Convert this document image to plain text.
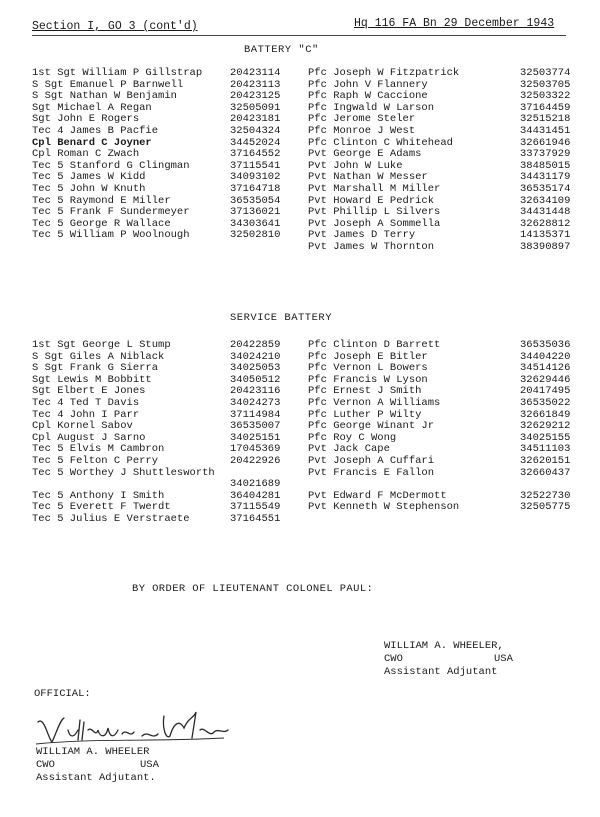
Section I, GO 3 (cont'd)	Hq 116 FA Bn 29 December 1943
BATTERY "C"
1st Sgt William P Gillstrap	20423114
S Sgt Emanuel P Barnwell	20423113
S Sgt Nathan W Benjamin	20423125
Sgt Michael A Regan	32505091
Sgt John E Rogers	20423181
Tec 4 James B Pacfie	32504324
Cpl Benard C Joyner	34452024
Cpl Roman C Zwach	37164552
Tec 5 Stanford G Clingman	37115541
Tec 5 James W Kidd	34093102
Tec 5 John W Knuth	37164718
Tec 5 Raymond E Miller	36535054
Tec 5 Frank F Sundermeyer	37136021
Tec 5 George R Wallace	34303641
Tec 5 William P Woolnough	32502810
Pfc Joseph W Fitzpatrick	32503774
Pfc John V Flannery	32503705
Pfc Raph W Caccione	32503322
Pfc Ingwald W Larson	37164459
Pfc Jerome Steler	32515218
Pfc Monroe J West	34431451
Pfc Clinton C Whitehead	32661946
Pvt George E Adams	33737929
Pvt John W Luke	38485015
Pvt Nathan W Messer	34431179
Pvt Marshall M Miller	36535174
Pvt Howard E Pedrick	32634109
Pvt Phillip L Silvers	34431448
Pvt Joseph A Sommella	32628812
Pvt James D Terry	14135371
Pvt James W Thornton	38390897
SERVICE BATTERY
1st Sgt George L Stump	20422859
S Sgt Giles A Niblack	34024210
S Sgt Frank G Sierra	34025053
Sgt Lewis M Bobbitt	34050512
Sgt Elbert E Jones	20423116
Tec 4 Ted T Davis	34024273
Tec 4 John I Parr	37114984
Cpl Kornel Sabov	36535007
Cpl August J Sarno	34025151
Tec 5 Elvis M Cambron	17045369
Tec 5 Felton C Perry	20422926
Tec 5 Worthey J Shuttlesworth
34021689
Tec 5 Anthony I Smith	36404281
Tec 5 Everett F Twerdt	37115549
Tec 5 Julius E Verstraete	37164551
Pfc Clinton D Barrett	36535036
Pfc Joseph E Bitler	34404220
Pfc Vernon L Bowers	34514126
Pfc Francis W Lyson	32629446
Pfc Ernest J Smith	20417495
Pfc Vernon A Williams	36535022
Pfc Luther P Wilty	32661849
Pfc George Winant Jr	32629212
Pfc Roy C Wong	34025155
Pvt Jack Cape	34511103
Pvt Joseph A Cuffari	32620151
Pvt Francis E Fallon	32660437
Pvt Edward F McDermott	32522730
Pvt Kenneth W Stephenson	32505775
BY ORDER OF LIEUTENANT COLONEL PAUL:
WILLIAM A. WHEELER,
CWO	USA
Assistant Adjutant
OFFICIAL:
WILLIAM A. WHEELER
CWO	USA
Assistant Adjutant.
